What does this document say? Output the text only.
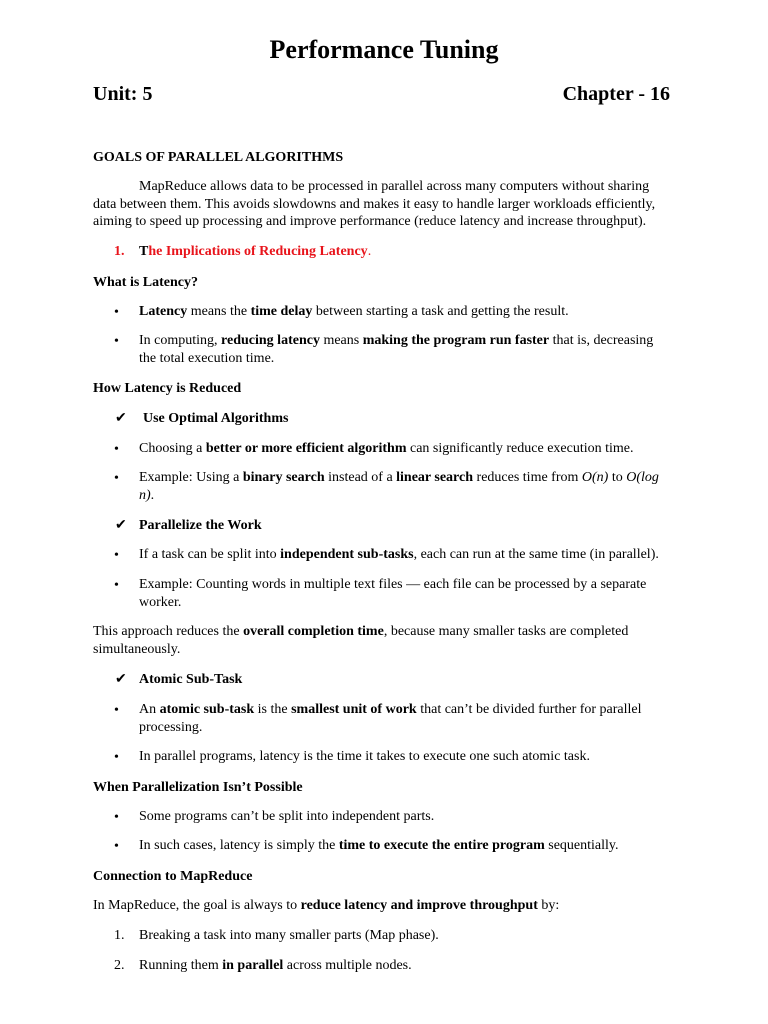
Performance Tuning
Unit: 5	Chapter - 16
GOALS OF PARALLEL ALGORITHMS
MapReduce allows data to be processed in parallel across many computers without sharing data between them. This avoids slowdowns and makes it easy to handle larger workloads efficiently, aiming to speed up processing and improve performance (reduce latency and increase throughput).
1. The Implications of Reducing Latency.
What is Latency?
• Latency means the time delay between starting a task and getting the result.
• In computing, reducing latency means making the program run faster that is, decreasing the total execution time.
How Latency is Reduced
✔ Use Optimal Algorithms
• Choosing a better or more efficient algorithm can significantly reduce execution time.
• Example: Using a binary search instead of a linear search reduces time from O(n) to O(log n).
✔ Parallelize the Work
• If a task can be split into independent sub-tasks, each can run at the same time (in parallel).
• Example: Counting words in multiple text files — each file can be processed by a separate worker.
This approach reduces the overall completion time, because many smaller tasks are completed simultaneously.
✔ Atomic Sub-Task
• An atomic sub-task is the smallest unit of work that can’t be divided further for parallel processing.
• In parallel programs, latency is the time it takes to execute one such atomic task.
When Parallelization Isn’t Possible
• Some programs can’t be split into independent parts.
• In such cases, latency is simply the time to execute the entire program sequentially.
Connection to MapReduce
In MapReduce, the goal is always to reduce latency and improve throughput by:
1. Breaking a task into many smaller parts (Map phase).
2. Running them in parallel across multiple nodes.
